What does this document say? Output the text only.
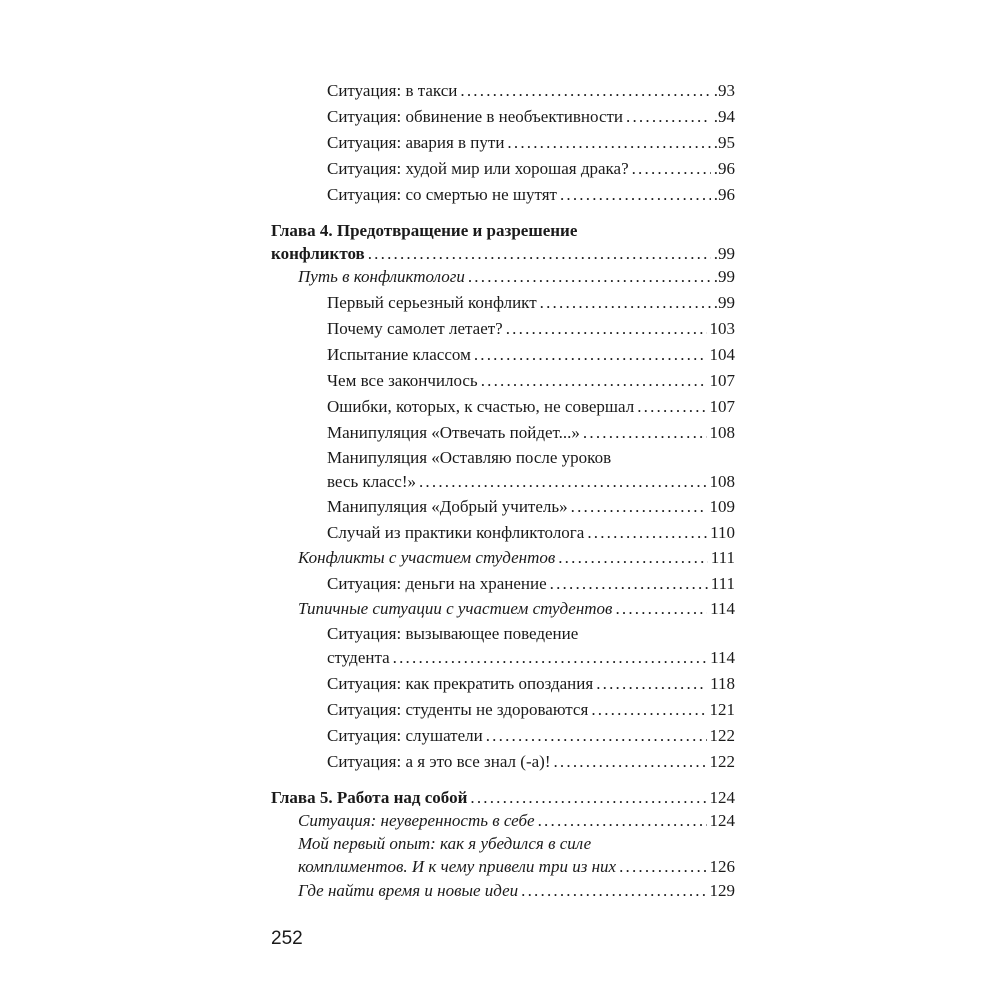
Ситуация: в такси .....	.93
Ситуация: обвинение в необъективности .....	.94
Ситуация: авария в пути .....	.95
Ситуация: худой мир или хорошая драка? .....	.96
Ситуация: со смертью не шутят .....	.96
Глава 4. Предотвращение и разрешение
конфликтов .....	.99
Путь в конфликтологи .....	.99
Первый серьезный конфликт .....	.99
Почему самолет летает? .....	103
Испытание классом .....	104
Чем все закончилось .....	107
Ошибки, которых, к счастью, не совершал .....	107
Манипуляция «Отвечать пойдет...» .....	108
Манипуляция «Оставляю после уроков
весь класс!» .....	108
Манипуляция «Добрый учитель» .....	109
Случай из практики конфликтолога .....	110
Конфликты с участием студентов .....	111
Ситуация: деньги на хранение .....	111
Типичные ситуации с участием студентов .....	114
Ситуация: вызывающее поведение
студента .....	114
Ситуация: как прекратить опоздания .....	118
Ситуация: студенты не здороваются .....	121
Ситуация: слушатели .....	122
Ситуация: а я это все знал (-а)! .....	122
Глава 5. Работа над собой .....	124
Ситуация: неуверенность в себе .....	124
Мой первый опыт: как я убедился в силе
комплиментов. И к чему привели три из них .....	126
Где найти время и новые идеи .....	129
252
